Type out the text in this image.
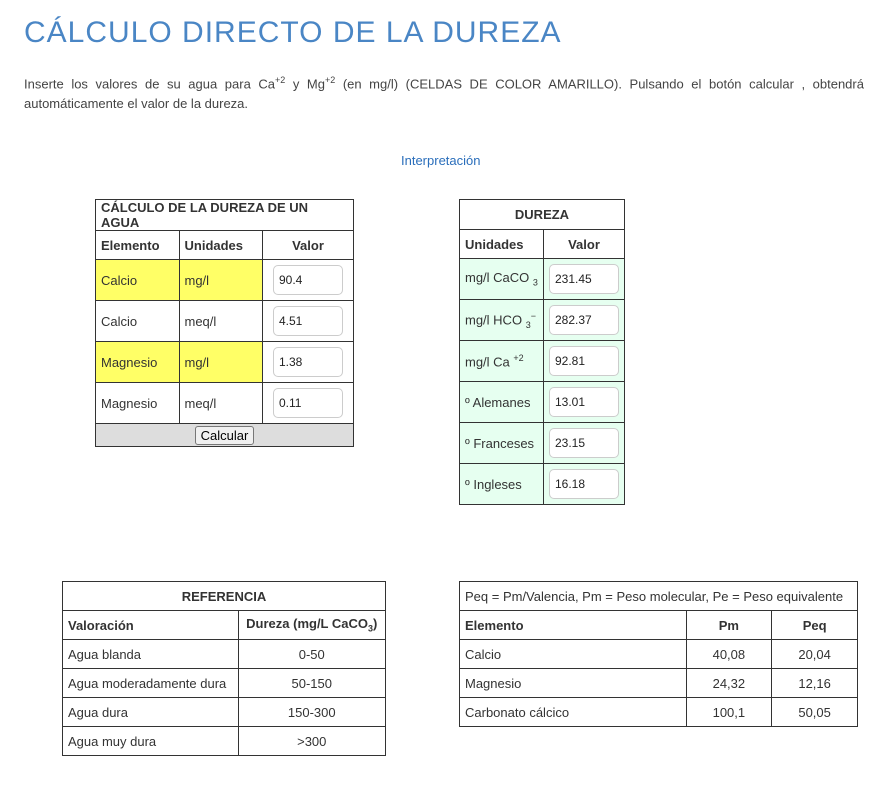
CÁLCULO DIRECTO DE LA DUREZA
Inserte los valores de su agua para $Ca^{+2}$ y $Mg^{+2}$ (en mg/l) (CELDAS DE COLOR AMARILLO). Pulsando el botón calcular , obtendrá automáticamente el valor de la dureza.
Interpretación
CÁLCULO DE LA DUREZA DE UN AGUA		
Elemento	Unidades	Valor
Calcio	mg/l	90.4
Calcio	meq/l	4.51
Magnesio	mg/l	1.38
Magnesio	meq/l	0.11
Calcular		
DUREZA	
Unidades	Valor
mg/l CaCO $_3$	231.45
mg/l HCO $_3$−	282.37
mg/l Ca $^{+2}$	92.81
º Alemanes	13.01
º Franceses	23.15
º Ingleses	16.18
REFERENCIA	
Valoración	Dureza (mg/L CaCO$_3$)
Agua blanda	0-50
Agua moderadamente dura	50-150
Agua dura	150-300
Agua muy dura	>300
Peq = Pm/Valencia, Pm = Peso molecular, Pe = Peso equivalente		
Elemento	Pm	Peq
Calcio	40,08	20,04
Magnesio	24,32	12,16
Carbonato cálcico	100,1	50,05
